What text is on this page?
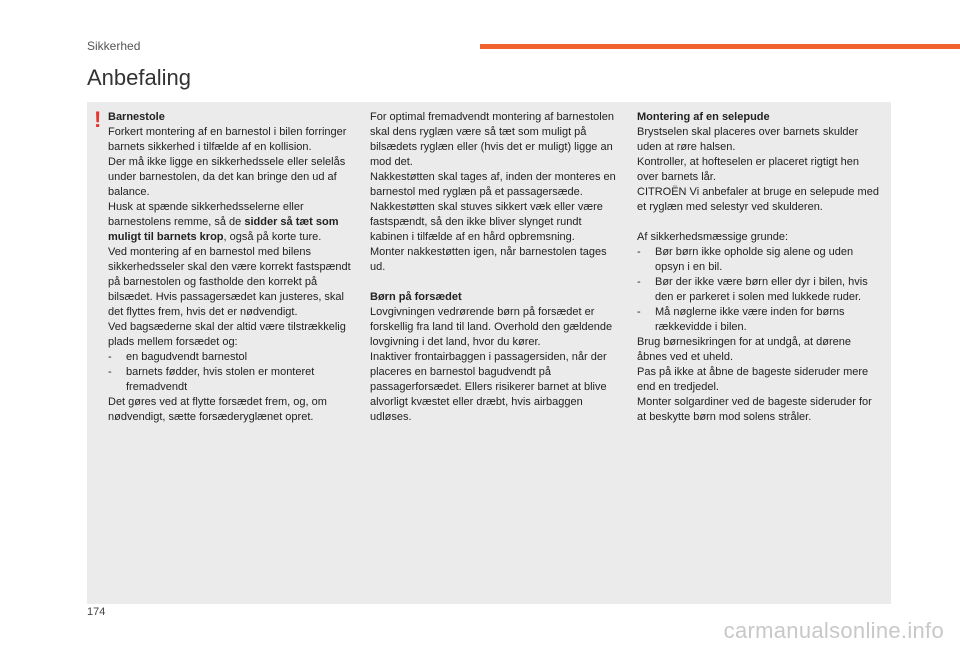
Sikkerhed
Anbefaling
! Barnestole

Forkert montering af en barnestol i bilen forringer barnets sikkerhed i tilfælde af en kollision.

Der må ikke ligge en sikkerhedssele eller selelås under barnestolen, da det kan bringe den ud af balance.

Husk at spænde sikkerhedsselerne eller barnestolens remme, så de sidder så tæt som muligt til barnets krop, også på korte ture.

Ved montering af en barnestol med bilens sikkerhedsseler skal den være korrekt fastspændt på barnestolen og fastholde den korrekt på bilsædet. Hvis passagersædet kan justeres, skal det flyttes frem, hvis det er nødvendigt.

Ved bagsæderne skal der altid være tilstrækkelig plads mellem forsædet og:

- en bagudvendt barnestol
- barnets fødder, hvis stolen er monteret fremadvendt

Det gøres ved at flytte forsædet frem, og, om nødvendigt, sætte forsæderyglænet opret.

For optimal fremadvendt montering af barnestolen skal dens ryglæn være så tæt som muligt på bilsædets ryglæn eller (hvis det er muligt) ligge an mod det.

Nakkestøtten skal tages af, inden der monteres en barnestol med ryglæn på et passagersæde.

Nakkestøtten skal stuves sikkert væk eller være fastspændt, så den ikke bliver slynget rundt kabinen i tilfælde af en hård opbremsning.

Monter nakkestøtten igen, når barnestolen tages ud.

Børn på forsædet

Lovgivningen vedrørende børn på forsædet er forskellig fra land til land. Overhold den gældende lovgivning i det land, hvor du kører.

Inaktiver frontairbaggen i passagersiden, når der placeres en barnestol bagudvendt på passagerforsædet. Ellers risikerer barnet at blive alvorligt kvæstet eller dræbt, hvis airbaggen udløses.

Montering af en selepude

Brystselen skal placeres over barnets skulder uden at røre halsen.

Kontroller, at hofteselen er placeret rigtigt hen over barnets lår.

CITROËN Vi anbefaler at bruge en selepude med et ryglæn med selestyr ved skulderen.

Af sikkerhedsmæssige grunde:

- Bør børn ikke opholde sig alene og uden opsyn i en bil.
- Bør der ikke være børn eller dyr i bilen, hvis den er parkeret i solen med lukkede ruder.
- Må nøglerne ikke være inden for børns rækkevidde i bilen.

Brug børnesikringen for at undgå, at dørene åbnes ved et uheld.

Pas på ikke at åbne de bageste sideruder mere end en tredjedel.

Monter solgardiner ved de bageste sideruder for at beskytte børn mod solens stråler.

174
carmanualsonline.info
